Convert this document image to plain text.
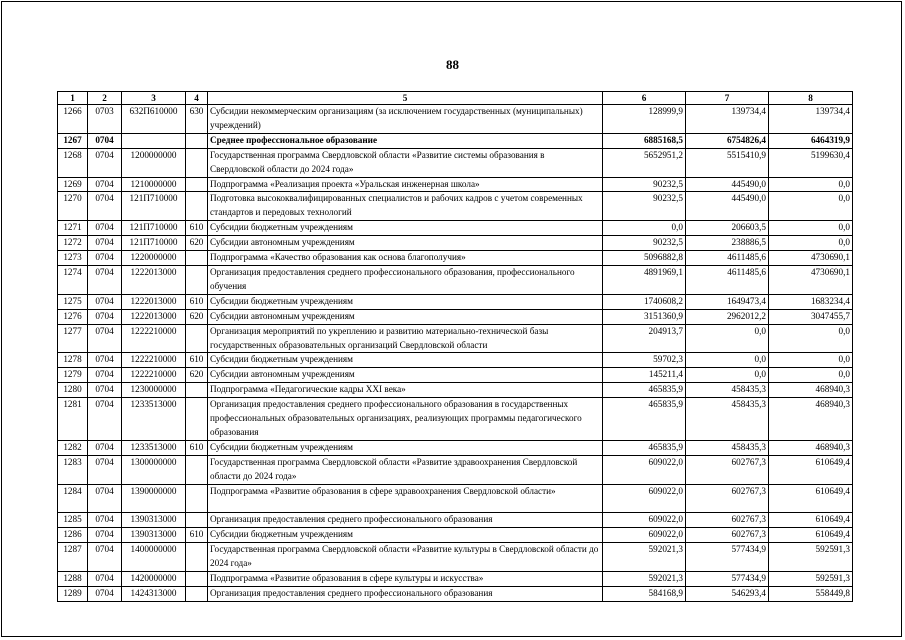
88
1	2	3	4	5	6	7	8
1266	0703	632П610000	630	Субсидии некоммерческим организациям (за исключением государственных (муниципальных) учреждений)	128999,9	139734,4	139734,4
1267	0704			Среднее профессиональное образование	6885168,5	6754826,4	6464319,9
1268	0704	1200000000		Государственная программа Свердловской области «Развитие системы образования в Свердловской области до 2024 года»	5652951,2	5515410,9	5199630,4
1269	0704	1210000000		Подпрограмма «Реализация проекта «Уральская инженерная школа»	90232,5	445490,0	0,0
1270	0704	121П710000		Подготовка высококвалифицированных специалистов и рабочих кадров с учетом современных стандартов и передовых технологий	90232,5	445490,0	0,0
1271	0704	121П710000	610	Субсидии бюджетным учреждениям	0,0	206603,5	0,0
1272	0704	121П710000	620	Субсидии автономным учреждениям	90232,5	238886,5	0,0
1273	0704	1220000000		Подпрограмма «Качество образования как основа благополучия»	5096882,8	4611485,6	4730690,1
1274	0704	1222013000		Организация предоставления среднего профессионального образования, профессионального обучения	4891969,1	4611485,6	4730690,1
1275	0704	1222013000	610	Субсидии бюджетным учреждениям	1740608,2	1649473,4	1683234,4
1276	0704	1222013000	620	Субсидии автономным учреждениям	3151360,9	2962012,2	3047455,7
1277	0704	1222210000		Организация мероприятий по укреплению и развитию материально-технической базы государственных образовательных организаций Свердловской области	204913,7	0,0	0,0
1278	0704	1222210000	610	Субсидии бюджетным учреждениям	59702,3	0,0	0,0
1279	0704	1222210000	620	Субсидии автономным учреждениям	145211,4	0,0	0,0
1280	0704	1230000000		Подпрограмма «Педагогические кадры XXI века»	465835,9	458435,3	468940,3
1281	0704	1233513000		Организация предоставления среднего профессионального образования в государственных профессиональных образовательных организациях, реализующих программы педагогического образования	465835,9	458435,3	468940,3
1282	0704	1233513000	610	Субсидии бюджетным учреждениям	465835,9	458435,3	468940,3
1283	0704	1300000000		Государственная программа Свердловской области «Развитие здравоохранения Свердловской области до 2024 года»	609022,0	602767,3	610649,4
1284	0704	1390000000		Подпрограмма «Развитие образования в сфере здравоохранения Свердловской области»	609022,0	602767,3	610649,4
1285	0704	1390313000		Организация предоставления среднего профессионального образования	609022,0	602767,3	610649,4
1286	0704	1390313000	610	Субсидии бюджетным учреждениям	609022,0	602767,3	610649,4
1287	0704	1400000000		Государственная программа Свердловской области «Развитие культуры в Свердловской области до 2024 года»	592021,3	577434,9	592591,3
1288	0704	1420000000		Подпрограмма «Развитие образования в сфере культуры и искусства»	592021,3	577434,9	592591,3
1289	0704	1424313000		Организация предоставления среднего профессионального образования	584168,9	546293,4	558449,8
